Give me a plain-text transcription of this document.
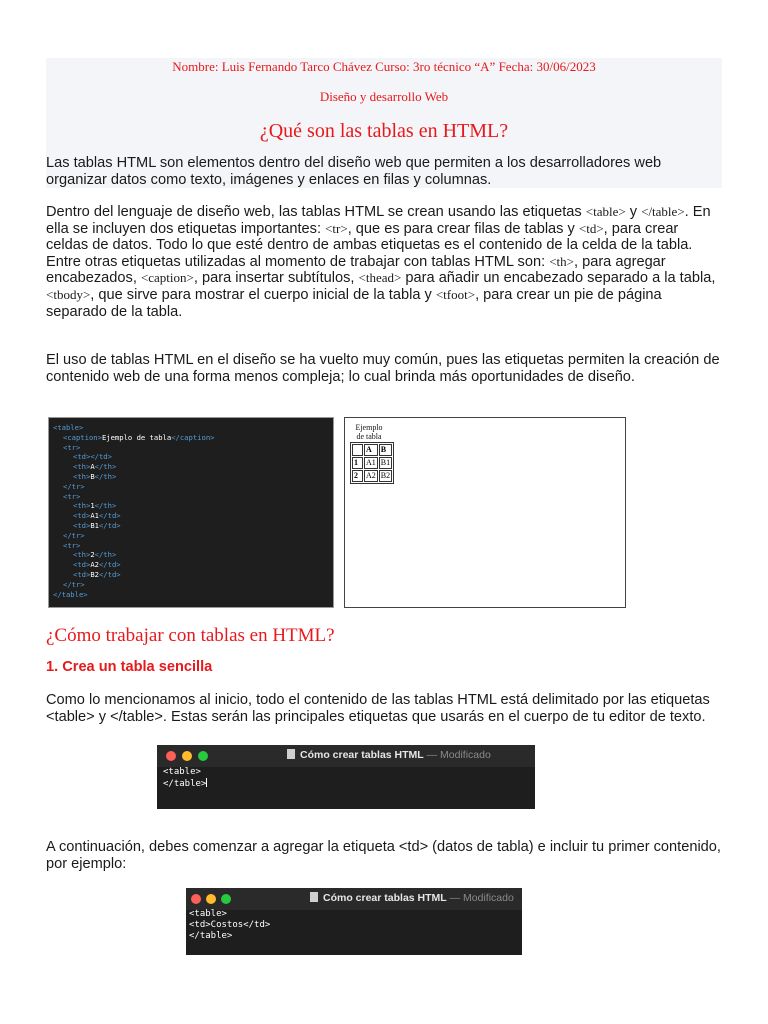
Nombre: Luis Fernando Tarco Chávez Curso: 3ro técnico “A” Fecha: 30/06/2023
Diseño y desarrollo Web
¿Qué son las tablas en HTML?

Las tablas HTML son elementos dentro del diseño web que permiten a los desarrolladores web organizar datos como texto, imágenes y enlaces en filas y columnas.

Dentro del lenguaje de diseño web, las tablas HTML se crean usando las etiquetas <table> y </table>. En ella se incluyen dos etiquetas importantes: <tr>, que es para crear filas de tablas y <td>, para crear celdas de datos. Todo lo que esté dentro de ambas etiquetas es el contenido de la celda de la tabla.
Entre otras etiquetas utilizadas al momento de trabajar con tablas HTML son: <th>, para agregar encabezados, <caption>, para insertar subtítulos, <thead> para añadir un encabezado separado a la tabla, <tbody>, que sirve para mostrar el cuerpo inicial de la tabla y <tfoot>, para crear un pie de página separado de la tabla.

El uso de tablas HTML en el diseño se ha vuelto muy común, pues las etiquetas permiten la creación de contenido web de una forma menos compleja; lo cual brinda más oportunidades de diseño.

<table>
<caption>Ejemplo de tabla</caption>
<tr>
<td></td>
<th>A</th>
<th>B</th>
</tr>
<tr>
<th>1</th>
<td>A1</td>
<td>B1</td>
</tr>
<tr>
<th>2</th>
<td>A2</td>
<td>B2</td>
</tr>
</table>
Ejemplo de tabla
	A	B
1	A1	B1
2	A2	B2
¿Cómo trabajar con tablas en HTML?
1. Crea un tabla sencilla

Como lo mencionamos al inicio, todo el contenido de las tablas HTML está delimitado por las etiquetas <table> y </table>. Estas serán las principales etiquetas que usarás en el cuerpo de tu editor de texto.

Cómo crear tablas HTML — Modificado
<table>
</table>

A continuación, debes comenzar a agregar la etiqueta <td> (datos de tabla) e incluir tu primer contenido, por ejemplo:

Cómo crear tablas HTML — Modificado
<table>
<td>Costos</td>
</table>
